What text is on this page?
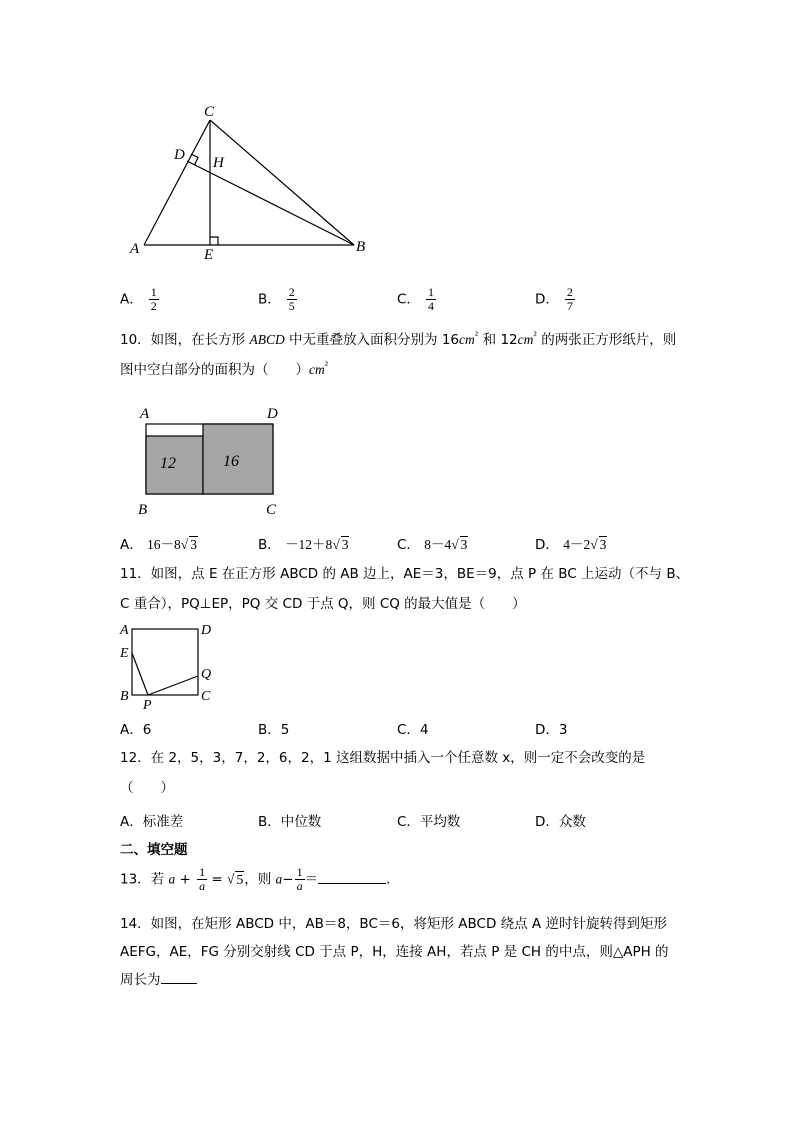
C
D H
A	E	B
A． $\frac{1}{2}$	B． $\frac{2}{5}$	C． $\frac{1}{4}$	D． $\frac{2}{7}$
10．如图，在长方形 ABCD 中无重叠放入面积分别为 $16cm^{^2}$ 和 $12cm^{^2}$ 的两张正方形纸片，则
图中空白部分的面积为（　　）$cm^{^2}$
12	16
A	D
B	C
A． 16－8√ 3	B． －12＋8√ 3	C． 8－4√ 3	D． 4－2√ 3
11．如图，点 E 在正方形 ABCD 的 AB 边上，AE＝3，BE＝9，点 P 在 BC 上运动（不与 B、
C 重合），PQ⊥EP，PQ 交 CD 于点 Q，则 CQ 的最大值是（　　）
A	D
E
Q
B
P
C
A．6	B．5	C．4	D．3
12．在 2，5，3，7，2，6，2，1 这组数据中插入一个任意数 x，则一定不会改变的是
（　　）
A．标准差	B．中位数	C．平均数	D．众数
二、填空题
13．若 $a + \frac{1}{a}$ = √ 5，则 $a- \frac{1}{a}$ ＝	.
14．如图，在矩形 ABCD 中，AB＝8，BC＝6，将矩形 ABCD 绕点 A 逆时针旋转得到矩形
AEFG，AE，FG 分别交射线 CD 于点 P，H，连接 AH，若点 P 是 CH 的中点，则△APH 的
周长为
